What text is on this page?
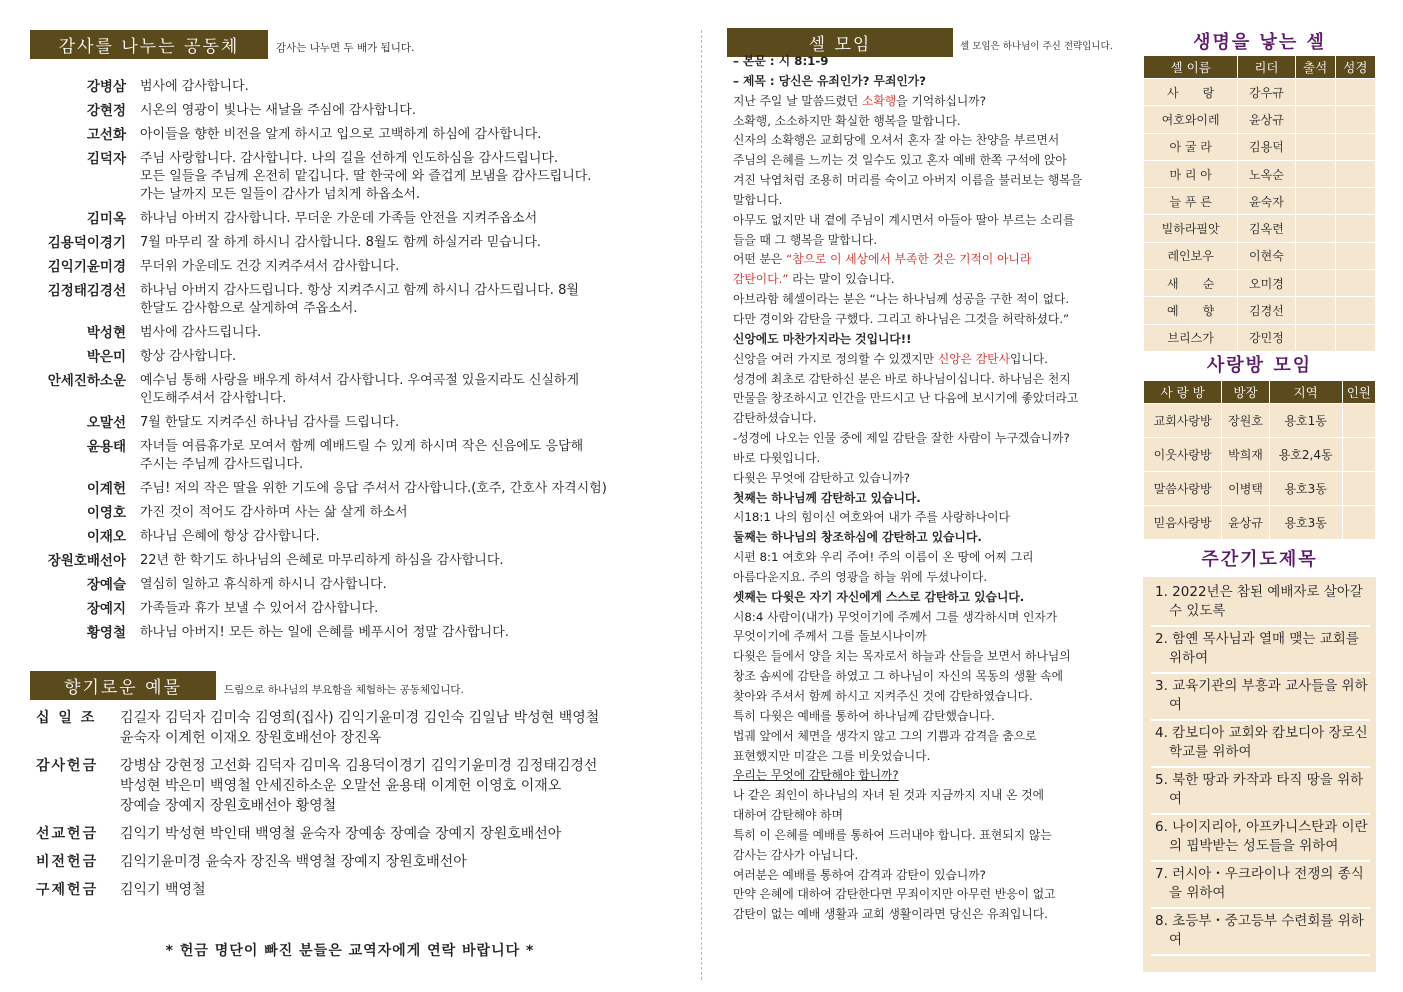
감사를 나누는 공동체	감사는 나누면 두 배가 됩니다.
강병삼	범사에 감사합니다.
강현정	시온의 영광이 빛나는 새날을 주심에 감사합니다.
고선화	아이들을 향한 비전을 알게 하시고 입으로 고백하게 하심에 감사합니다.
김덕자	주님 사랑합니다. 감사합니다. 나의 길을 선하게 인도하심을 감사드립니다.
모든 일들을 주님께 온전히 맡깁니다. 딸 한국에 와 즐겁게 보냄을 감사드립니다.
가는 날까지 모든 일들이 감사가 넘치게 하옵소서.
김미옥	하나님 아버지 감사합니다. 무더운 가운데 가족들 안전을 지켜주옵소서
김용덕이경기	7월 마무리 잘 하게 하시니 감사합니다. 8월도 함께 하실거라 믿습니다.
김익기윤미경	무더위 가운데도 건강 지켜주셔서 감사합니다.
김정태김경선	하나님 아버지 감사드립니다. 항상 지켜주시고 함께 하시니 감사드립니다. 8월
한달도 감사함으로 살게하여 주옵소서.
박성현	범사에 감사드립니다.
박은미	항상 감사합니다.
안세진하소운	예수님 통해 사랑을 배우게 하셔서 감사합니다. 우여곡절 있을지라도 신실하게
인도해주셔서 감사합니다.
오말선	7월 한달도 지켜주신 하나님 감사를 드립니다.
윤용태	자녀들 여름휴가로 모여서 함께 예배드릴 수 있게 하시며 작은 신음에도 응답해
주시는 주님께 감사드립니다.
이계헌	주님! 저의 작은 딸을 위한 기도에 응답 주셔서 감사합니다.(호주, 간호사 자격시험)
이영호	가진 것이 적어도 감사하며 사는 삶 살게 하소서
이재오	하나님 은혜에 항상 감사합니다.
장원호배선아	22년 한 학기도 하나님의 은혜로 마무리하게 하심을 감사합니다.
장예슬	열심히 일하고 휴식하게 하시니 감사합니다.
장예지	가족들과 휴가 보낼 수 있어서 감사합니다.
황영철	하나님 아버지! 모든 하는 일에 은혜를 베푸시어 정말 감사합니다.
향기로운 예물	드림으로 하나님의 부요함을 체험하는 공동체입니다.
십 일 조	김길자 김덕자 김미숙 김영희(집사) 김익기윤미경 김인숙 김일남 박성현 백영철
윤숙자 이계헌 이재오 장원호배선아 장진옥
감사헌금	강병삼 강현정 고선화 김덕자 김미옥 김용덕이경기 김익기윤미경 김정태김경선
박성현 박은미 백영철 안세진하소운 오말선 윤용태 이계헌 이영호 이재오
장예슬 장예지 장원호배선아 황영철
선교헌금	김익기 박성현 박인태 백영철 윤숙자 장예송 장예슬 장예지 장원호배선아
비전헌금	김익기윤미경 윤숙자 장진옥 백영철 장예지 장원호배선아
구제헌금	김익기 백영철
* 헌금 명단이 빠진 분들은 교역자에게 연락 바랍니다 *
셀 모임	셀 모임은 하나님이 주신 전략입니다.
– 본문 : 시 8:1-9
– 제목 : 당신은 유죄인가? 무죄인가?
지난 주일 날 말씀드렸던 소확행을 기억하십니까?
소확행, 소소하지만 확실한 행복을 말합니다.
신자의 소확행은 교회당에 오셔서 혼자 잘 아는 찬양을 부르면서
주님의 은혜를 느끼는 것 일수도 있고 혼자 예배 한쪽 구석에 앉아
겨진 낙엽처럼 조용히 머리를 숙이고 아버지 이름을 불러보는 행복을
말합니다.
아무도 없지만 내 곁에 주님이 계시면서 아들아 딸아 부르는 소리를
들을 때 그 행복을 말합니다.
어떤 분은 “참으로 이 세상에서 부족한 것은 기적이 아니라
감탄이다.” 라는 말이 있습니다.
아브라함 헤셀이라는 분은 “나는 하나님께 성공을 구한 적이 없다.
다만 경이와 감탄을 구했다. 그리고 하나님은 그것을 허락하셨다.”
신앙에도 마찬가지라는 것입니다!!
신앙을 여러 가지로 정의할 수 있겠지만 신앙은 감탄사입니다.
성경에 최초로 감탄하신 분은 바로 하나님이십니다. 하나님은 천지
만물을 창조하시고 인간을 만드시고 난 다음에 보시기에 좋았더라고
감탄하셨습니다.
-성경에 나오는 인물 중에 제일 감탄을 잘한 사람이 누구겠습니까?
바로 다윗입니다.
다윗은 무엇에 감탄하고 있습니까?
첫째는 하나님께 감탄하고 있습니다.
시18:1 나의 힘이신 여호와여 내가 주를 사랑하나이다
둘째는 하나님의 창조하심에 감탄하고 있습니다.
시편 8:1 여호와 우리 주여! 주의 이름이 온 땅에 어찌 그리
아름다운지요. 주의 영광을 하늘 위에 두셨나이다.
셋째는 다윗은 자기 자신에게 스스로 감탄하고 있습니다.
시8:4 사람이(내가) 무엇이기에 주께서 그를 생각하시며 인자가
무엇이기에 주께서 그를 돌보시나이까
다윗은 들에서 양을 치는 목자로서 하늘과 산들을 보면서 하나님의
창조 솜씨에 감탄을 하였고 그 하나님이 자신의 목동의 생활 속에
찾아와 주셔서 함께 하시고 지켜주신 것에 감탄하였습니다.
특히 다윗은 예배를 통하여 하나님께 감탄했습니다.
법궤 앞에서 체면을 생각지 않고 그의 기쁨과 감격을 춤으로
표현했지만 미갈은 그를 비웃었습니다.
우리는 무엇에 감탄해야 합니까?
나 같은 죄인이 하나님의 자녀 된 것과 지금까지 지내 온 것에
대하여 감탄해야 하며
특히 이 은혜를 예배를 통하여 드러내야 합니다. 표현되지 않는
감사는 감사가 아닙니다.
여러분은 예배를 통하여 감격과 감탄이 있습니까?
만약 은혜에 대하여 감탄한다면 무죄이지만 아무런 반응이 없고
감탄이 없는 예배 생활과 교회 생활이라면 당신은 유죄입니다.
생명을 낳는 셀
셀 이름	리더	출석	성경
사　　랑	강우규		
여호와이레	윤상규		
아 굴 라	김용덕		
마 리 아	노옥순		
늘 푸 른	윤숙자		
빌하라필앗	김옥련		
레인보우	이현숙		
새　　순	오미경		
예　　향	김경선		
브리스가	강민정		
사랑방 모임
사 랑 방	방장	지역	인원
교회사랑방	장원호	용호1동	
이웃사랑방	박희재	용호2,4동	
말씀사랑방	이병택	용호3동	
믿음사랑방	윤상규	용호3동	
주간기도제목
1. 2022년은 참된 예배자로 살아갈 수 있도록
2. 함옌 목사님과 열매 맺는 교회를 위하여
3. 교육기관의 부흥과 교사들을 위하여
4. 캄보디아 교회와 캄보디아 장로신학교를 위하여
5. 북한 땅과 카작과 타직 땅을 위하여
6. 나이지리아, 아프카니스탄과 이란의 핍박받는 성도들을 위하여
7. 러시아・우크라이나 전쟁의 종식을 위하여
8. 초등부・중고등부 수련회를 위하여
